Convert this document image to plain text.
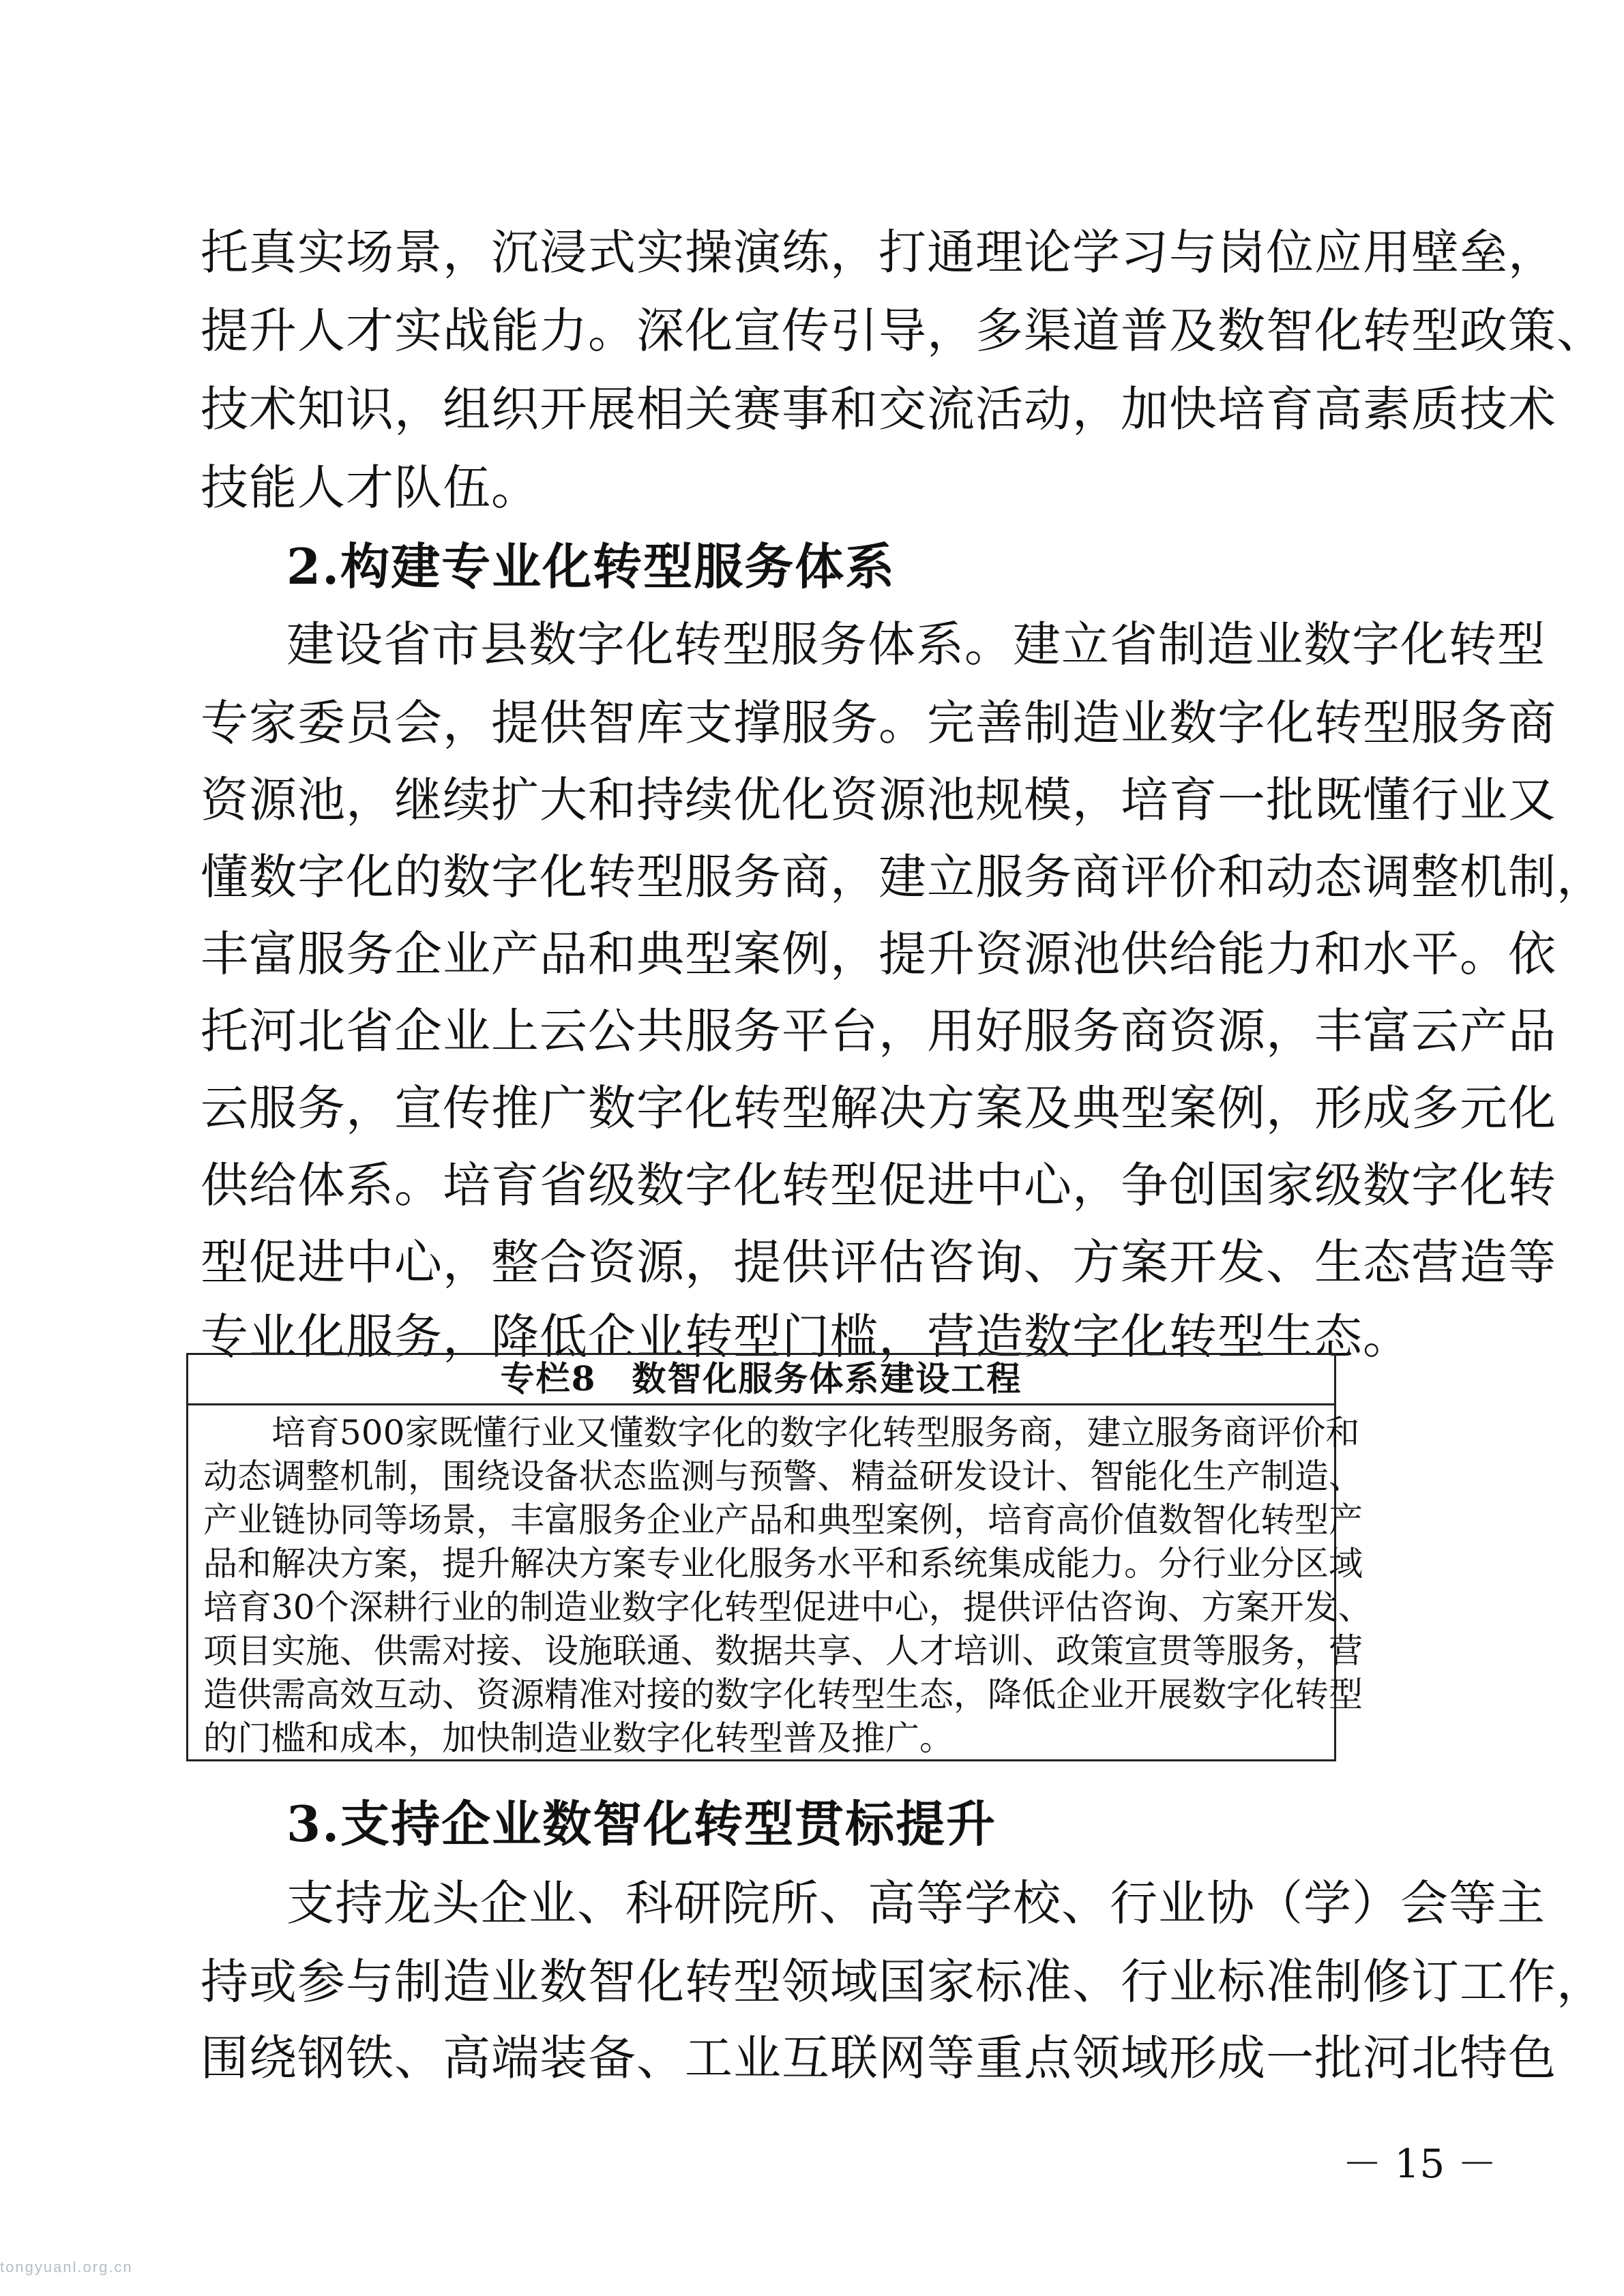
托真实场景，沉浸式实操演练，打通理论学习与岗位应用壁垒，
提升人才实战能力。深化宣传引导，多渠道普及数智化转型政策、
技术知识，组织开展相关赛事和交流活动，加快培育高素质技术
技能人才队伍。
2.构建专业化转型服务体系
建设省市县数字化转型服务体系。建立省制造业数字化转型
专家委员会，提供智库支撑服务。完善制造业数字化转型服务商
资源池，继续扩大和持续优化资源池规模，培育一批既懂行业又
懂数字化的数字化转型服务商，建立服务商评价和动态调整机制，
丰富服务企业产品和典型案例，提升资源池供给能力和水平。依
托河北省企业上云公共服务平台，用好服务商资源，丰富云产品
云服务，宣传推广数字化转型解决方案及典型案例，形成多元化
供给体系。培育省级数字化转型促进中心，争创国家级数字化转
型促进中心，整合资源，提供评估咨询、方案开发、生态营造等
专业化服务，降低企业转型门槛，营造数字化转型生态。
专栏8　数智化服务体系建设工程
培育500家既懂行业又懂数字化的数字化转型服务商，建立服务商评价和
动态调整机制，围绕设备状态监测与预警、精益研发设计、智能化生产制造、
产业链协同等场景，丰富服务企业产品和典型案例，培育高价值数智化转型产
品和解决方案，提升解决方案专业化服务水平和系统集成能力。分行业分区域
培育30个深耕行业的制造业数字化转型促进中心，提供评估咨询、方案开发、
项目实施、供需对接、设施联通、数据共享、人才培训、政策宣贯等服务，营
造供需高效互动、资源精准对接的数字化转型生态，降低企业开展数字化转型
的门槛和成本，加快制造业数字化转型普及推广。
3.支持企业数智化转型贯标提升
支持龙头企业、科研院所、高等学校、行业协（学）会等主
持或参与制造业数智化转型领域国家标准、行业标准制修订工作，
围绕钢铁、高端装备、工业互联网等重点领域形成一批河北特色
－ 15 －
tongyuanl.org.cn
